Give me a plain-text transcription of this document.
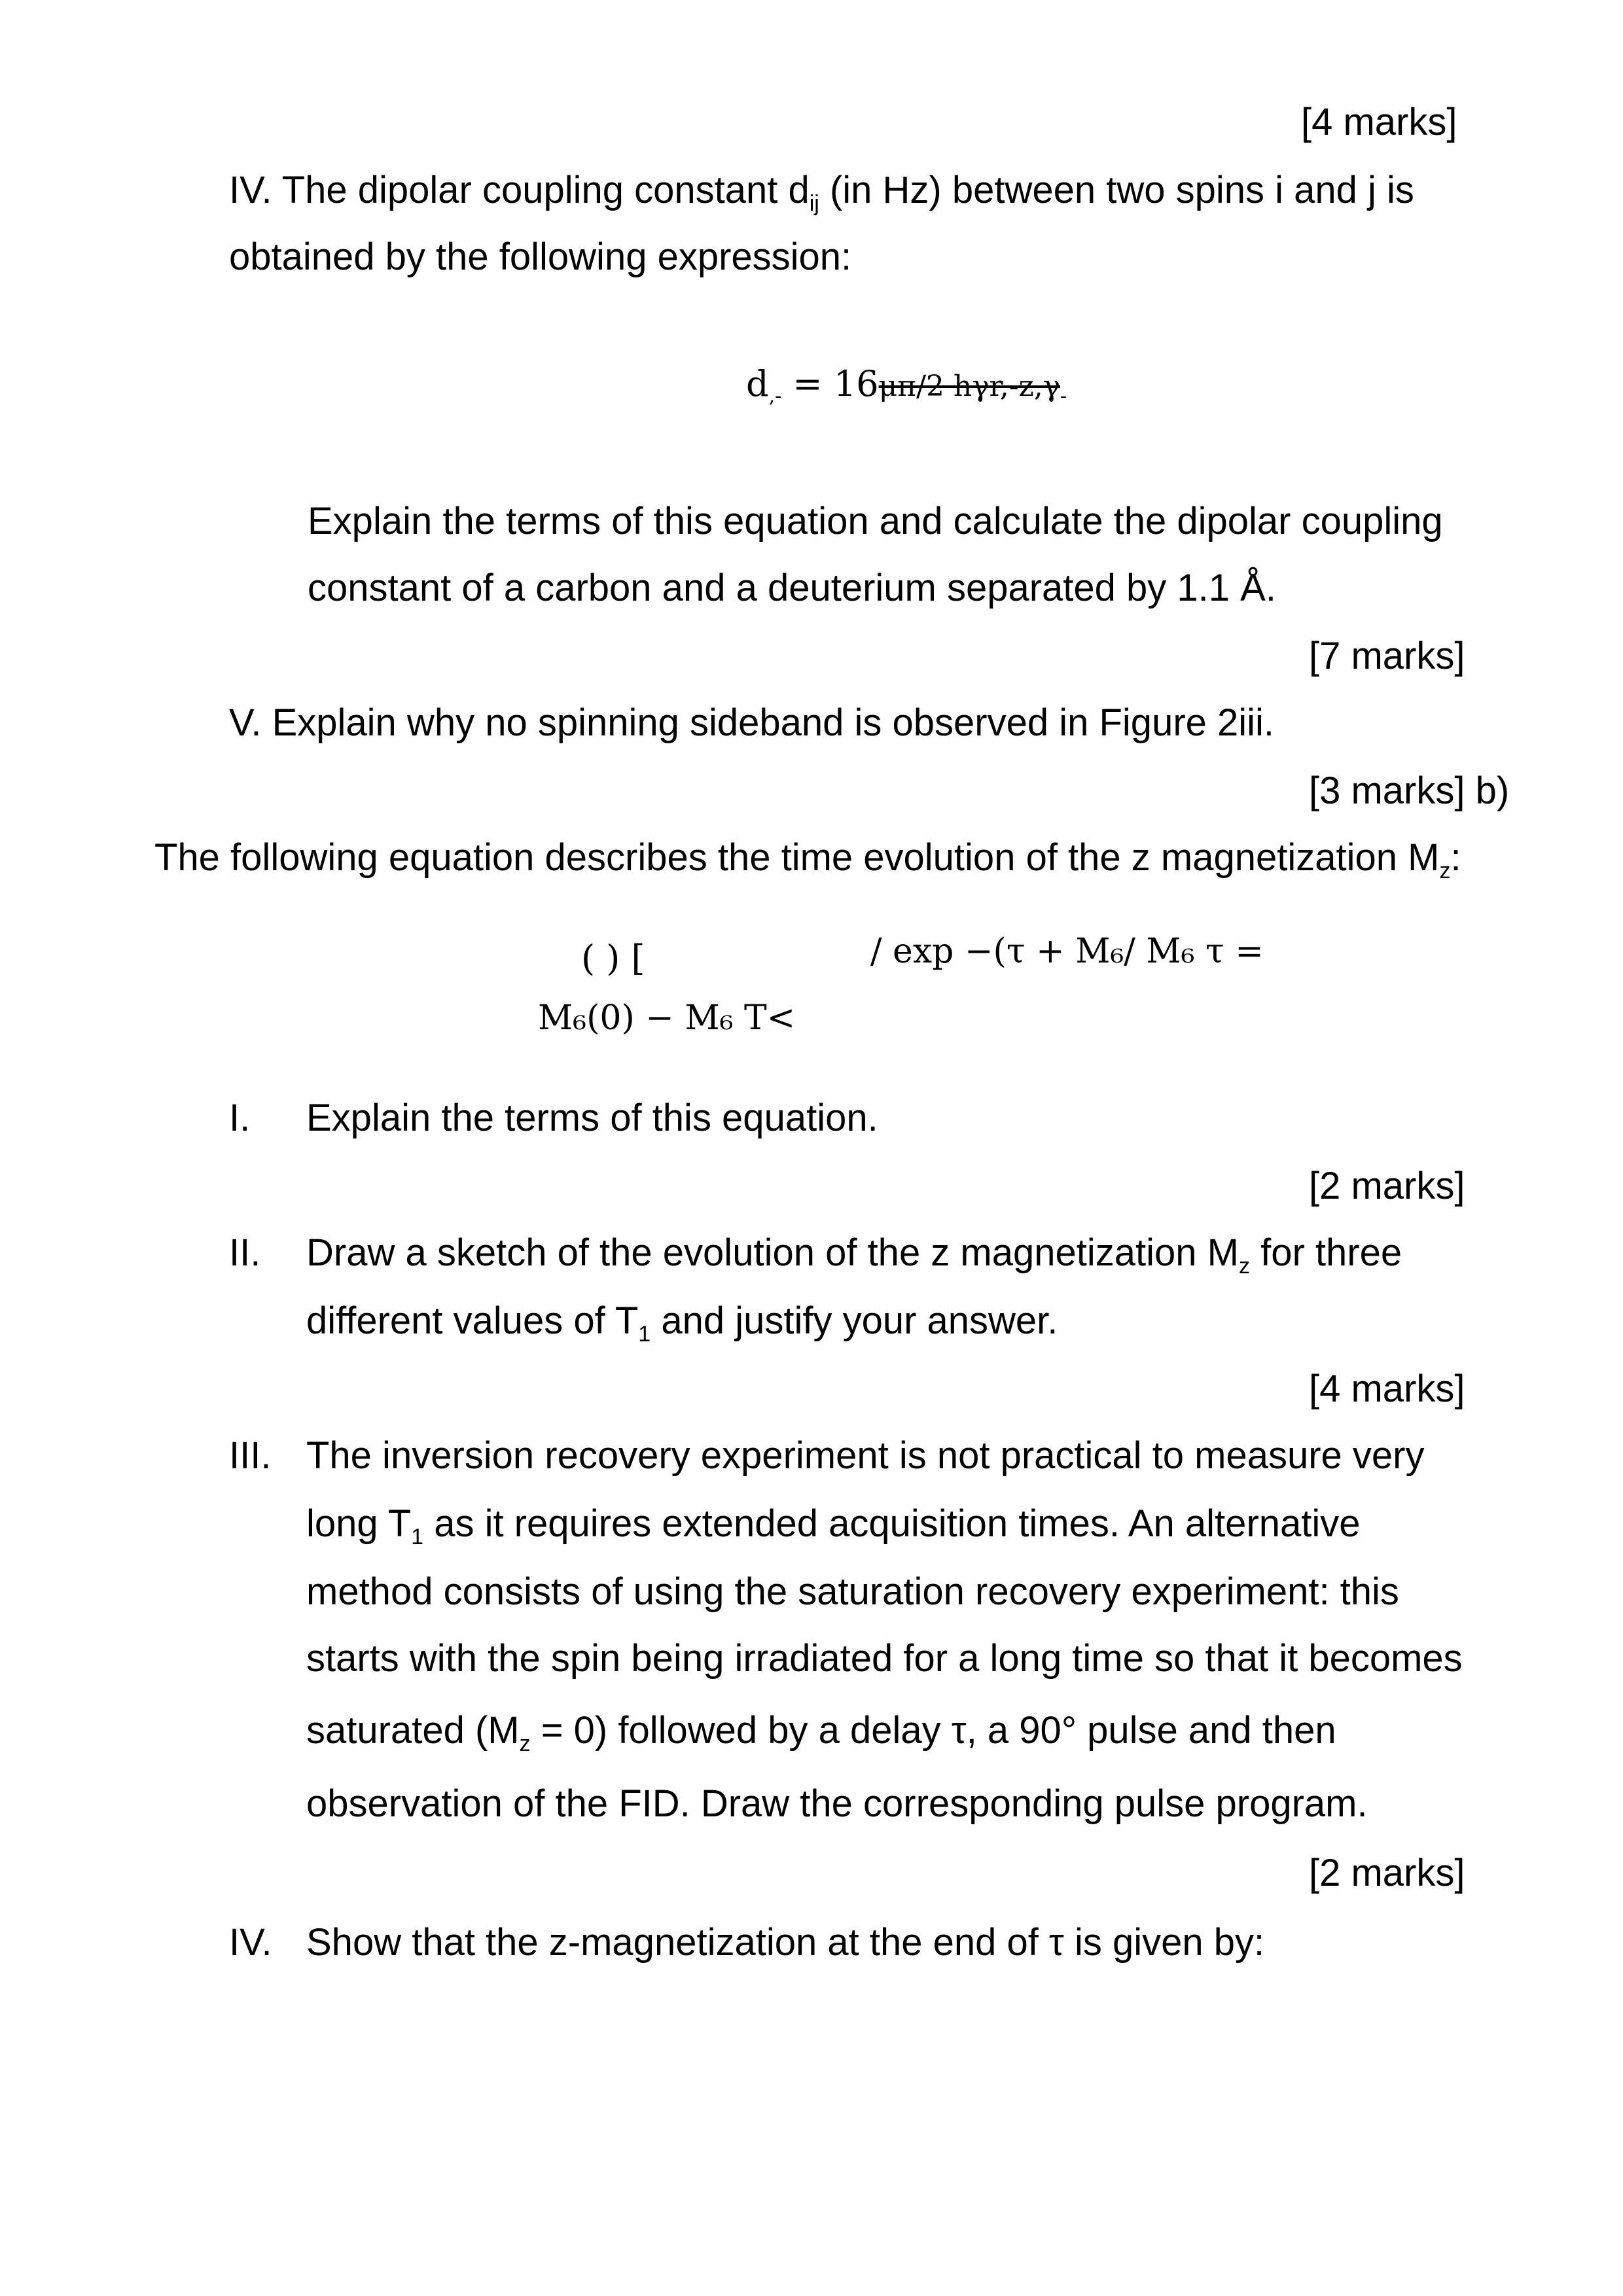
[4 marks]
IV. The dipolar coupling constant $d_{ij}$ (in Hz) between two spins i and j is
obtained by the following expression:
d,- = 16μπ/2 hγr,-z,γ-
Explain the terms of this equation and calculate the dipolar coupling
constant of a carbon and a deuterium separated by 1.1 Å.
[7 marks]
V. Explain why no spinning sideband is observed in Figure 2iii.
[3 marks] b)
The following equation describes the time evolution of the z magnetization $M_z$:
( ) [	/ exp −(τ + M₆/ M₆ τ =
M₆(0) − M₆ T<
I. Explain the terms of this equation.
[2 marks]
II. Draw a sketch of the evolution of the z magnetization $M_z$ for three
different values of $T_1$ and justify your answer.
[4 marks]
III. The inversion recovery experiment is not practical to measure very
long $T_1$ as it requires extended acquisition times. An alternative
method consists of using the saturation recovery experiment: this
starts with the spin being irradiated for a long time so that it becomes
saturated $(M_z = 0)$ followed by a delay τ, a 90° pulse and then
observation of the FID. Draw the corresponding pulse program.
[2 marks]
IV. Show that the z-magnetization at the end of τ is given by:
